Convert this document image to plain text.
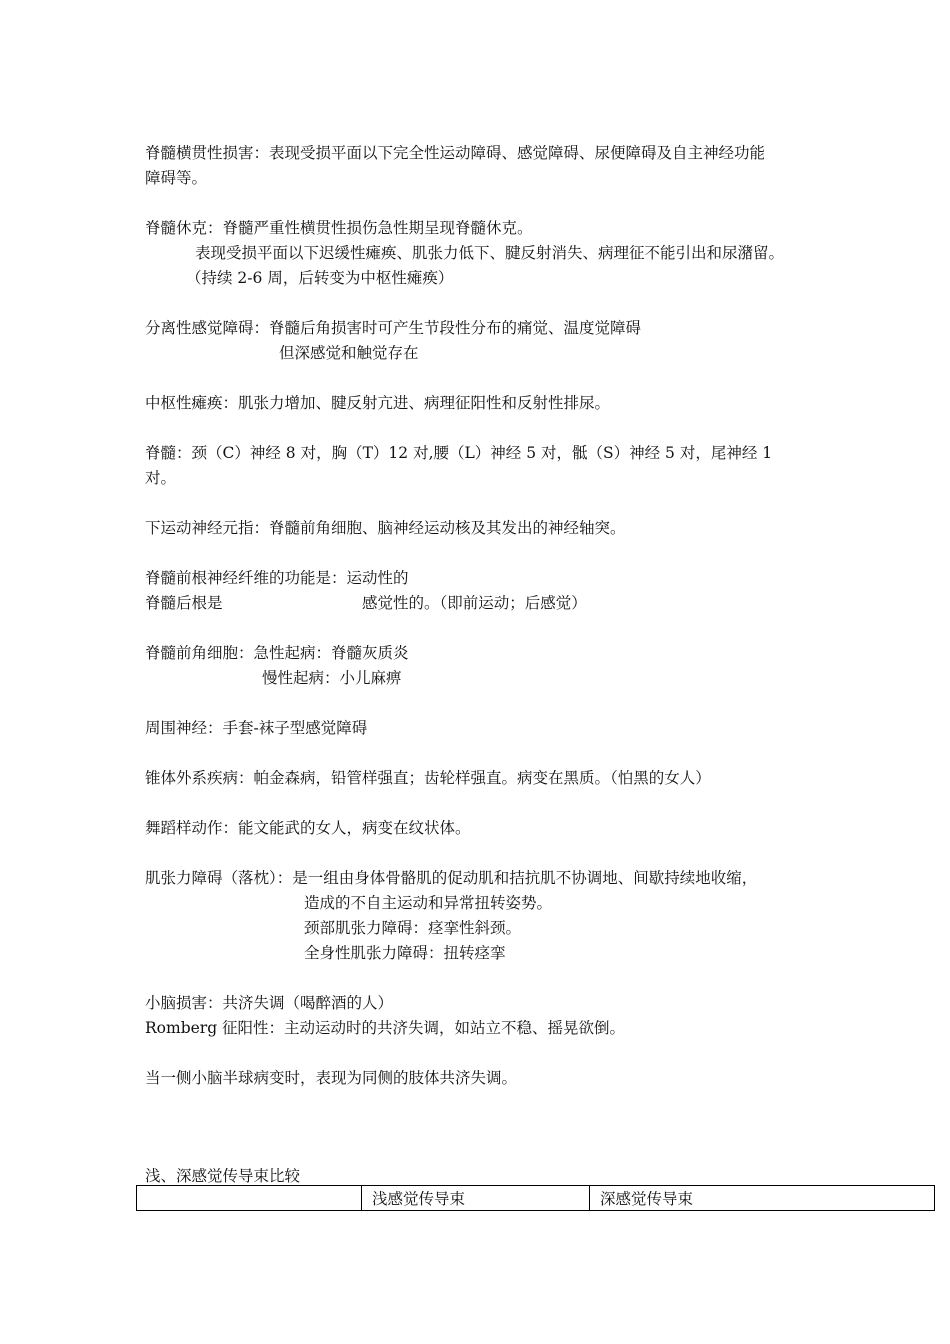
脊髓横贯性损害：表现受损平面以下完全性运动障碍、感觉障碍、尿便障碍及自主神经功能
障碍等。
脊髓休克：脊髓严重性横贯性损伤急性期呈现脊髓休克。
表现受损平面以下迟缓性瘫痪、肌张力低下、腱反射消失、病理征不能引出和尿潴留。
（持续 2-6 周，后转变为中枢性瘫痪）
分离性感觉障碍：脊髓后角损害时可产生节段性分布的痛觉、温度觉障碍
但深感觉和触觉存在
中枢性瘫痪：肌张力增加、腱反射亢进、病理征阳性和反射性排尿。
脊髓：颈（C）神经 8 对，胸（T）12 对,腰（L）神经 5 对，骶（S）神经 5 对，尾神经 1
对。
下运动神经元指：脊髓前角细胞、脑神经运动核及其发出的神经轴突。
脊髓前根神经纤维的功能是：运动性的
脊髓后根是	感觉性的。（即前运动；后感觉）
脊髓前角细胞：急性起病：脊髓灰质炎
慢性起病：小儿麻痹
周围神经：手套-袜子型感觉障碍
锥体外系疾病：帕金森病，铅管样强直；齿轮样强直。病变在黑质。（怕黑的女人）
舞蹈样动作：能文能武的女人，病变在纹状体。
肌张力障碍（落枕）：是一组由身体骨骼肌的促动肌和拮抗肌不协调地、间歇持续地收缩，
造成的不自主运动和异常扭转姿势。
颈部肌张力障碍：痉挛性斜颈。
全身性肌张力障碍：扭转痉挛
小脑损害：共济失调（喝醉酒的人）
Romberg 征阳性：主动运动时的共济失调，如站立不稳、摇晃欲倒。
当一侧小脑半球病变时，表现为同侧的肢体共济失调。
浅、深感觉传导束比较
	浅感觉传导束	深感觉传导束
